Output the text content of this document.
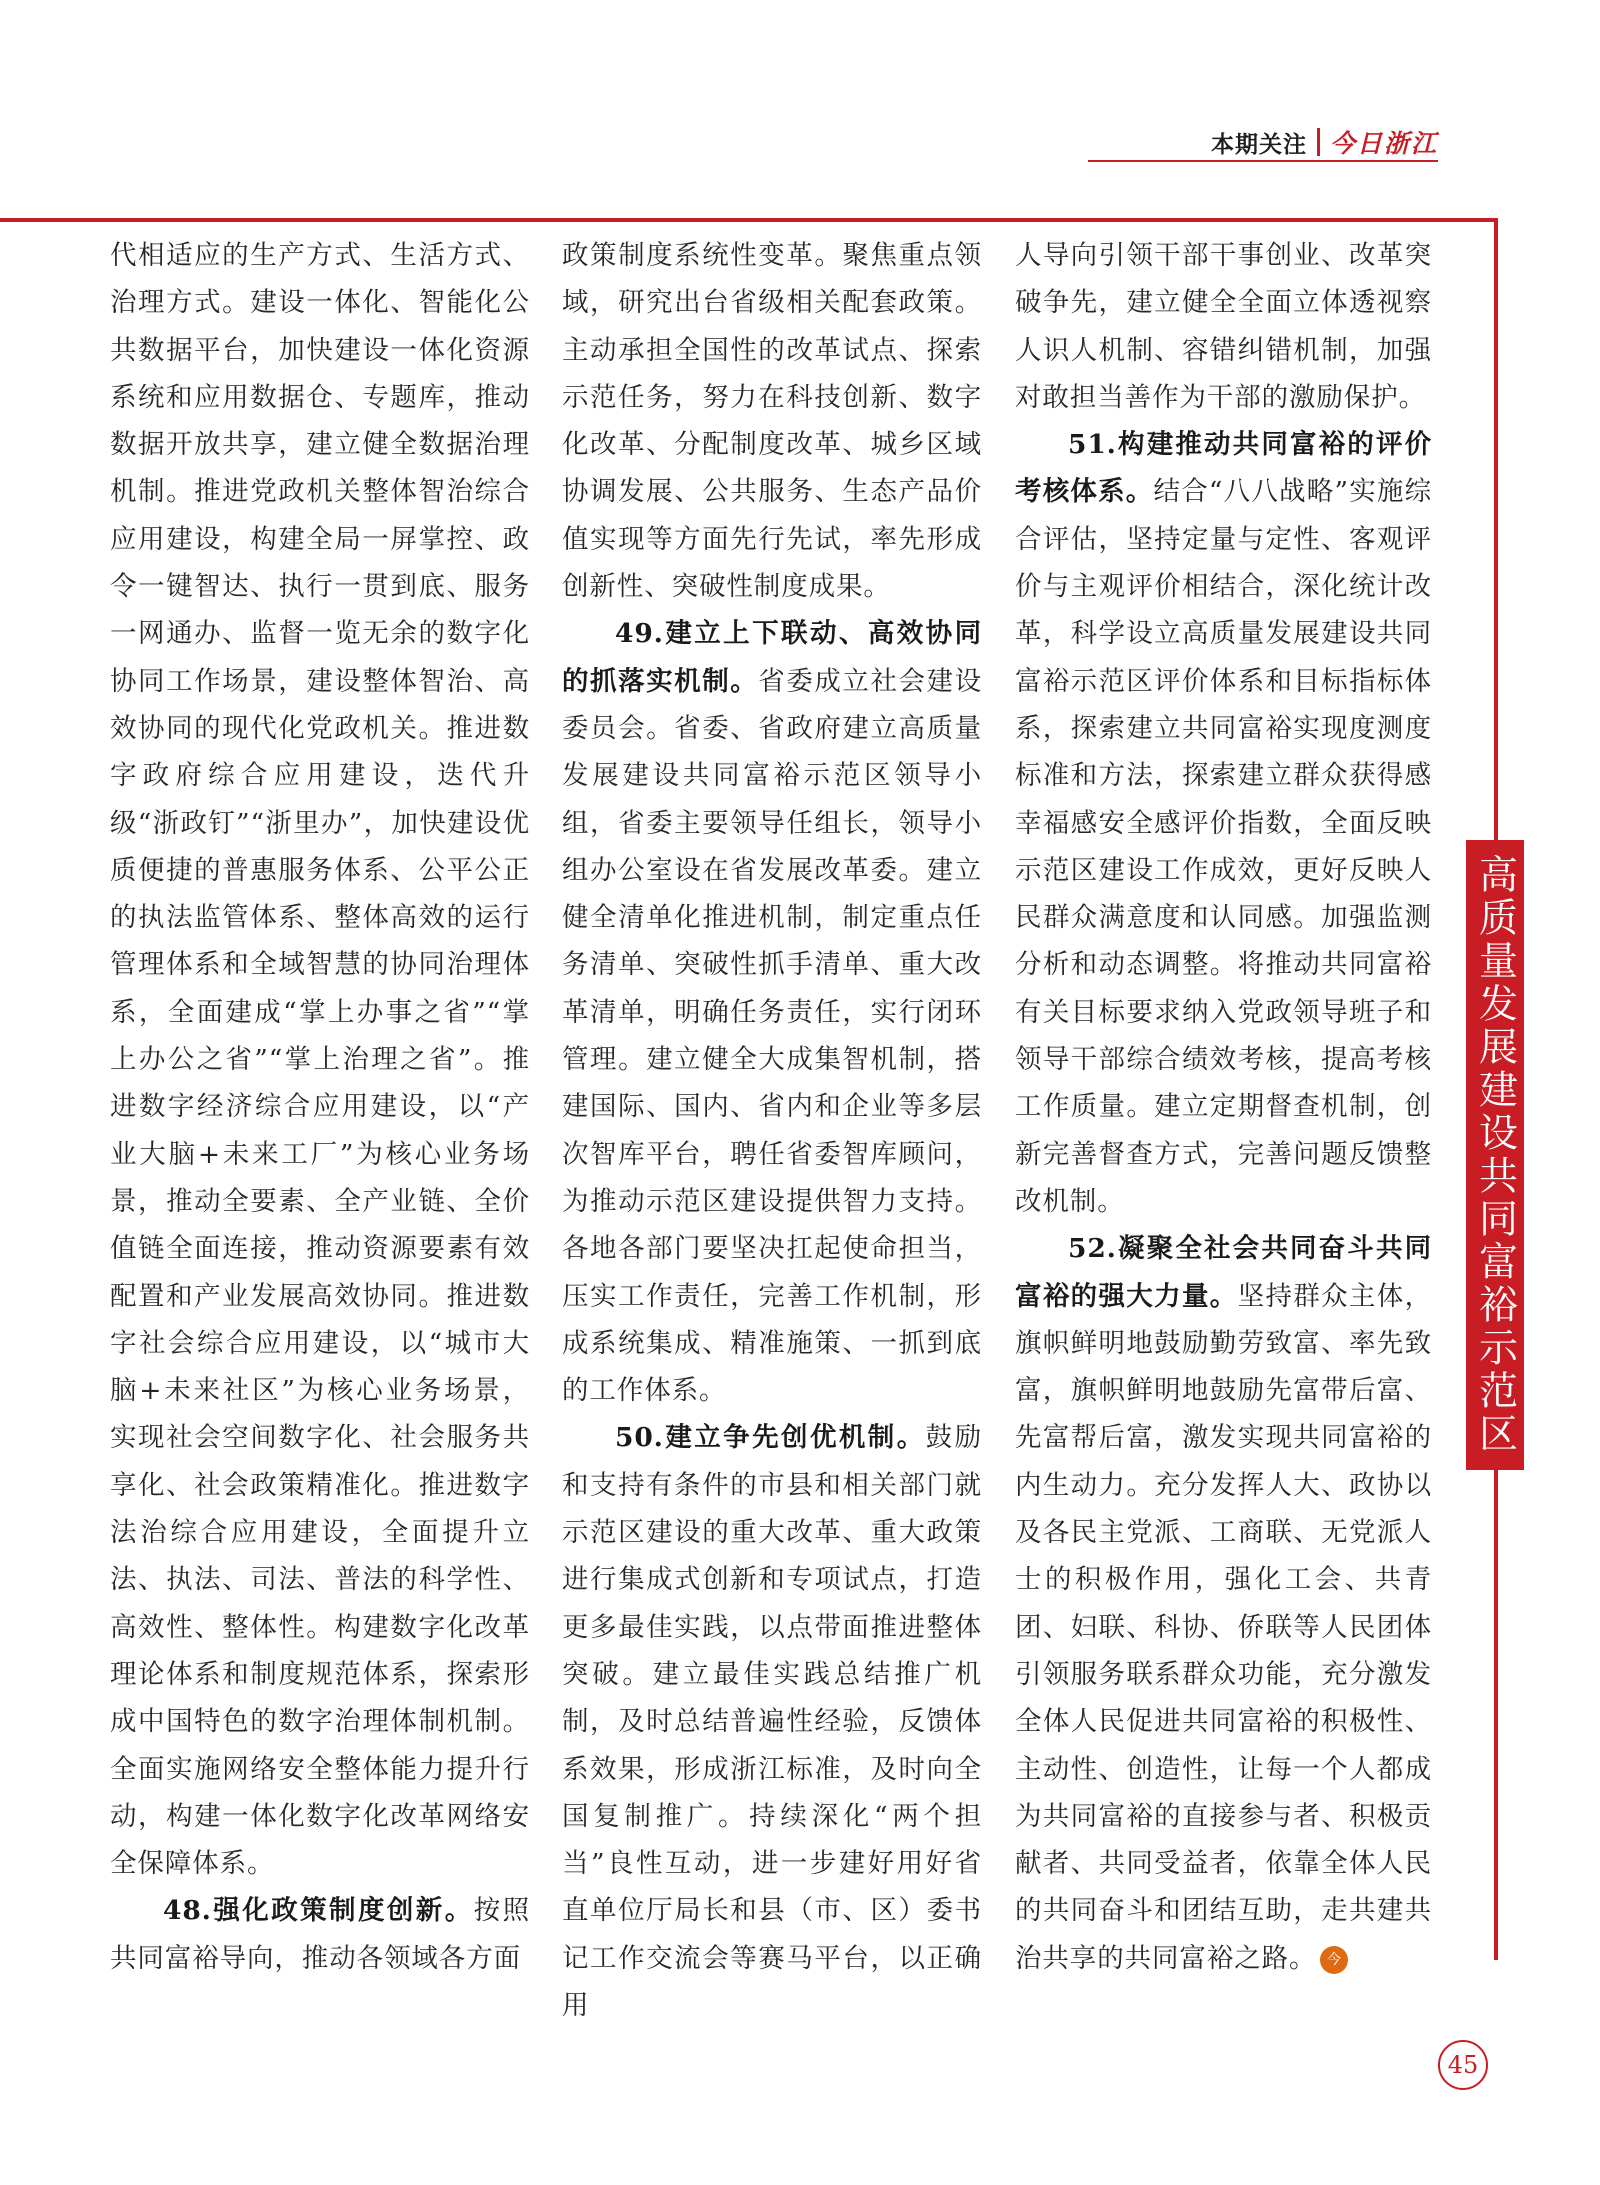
本期关注 今日浙江
高质量发展建设共同富裕示范区

代相适应的生产方式、生活方式、治理方式。建设一体化、智能化公共数据平台，加快建设一体化资源系统和应用数据仓、专题库，推动数据开放共享，建立健全数据治理机制。推进党政机关整体智治综合应用建设，构建全局一屏掌控、政令一键智达、执行一贯到底、服务一网通办、监督一览无余的数字化协同工作场景，建设整体智治、高效协同的现代化党政机关。推进数字政府综合应用建设，迭代升级“浙政钉”“浙里办”，加快建设优质便捷的普惠服务体系、公平公正的执法监管体系、整体高效的运行管理体系和全域智慧的协同治理体系，全面建成“掌上办事之省”“掌上办公之省”“掌上治理之省”。推进数字经济综合应用建设，以“产业大脑+未来工厂”为核心业务场景，推动全要素、全产业链、全价值链全面连接，推动资源要素有效配置和产业发展高效协同。推进数字社会综合应用建设，以“城市大脑+未来社区”为核心业务场景，实现社会空间数字化、社会服务共享化、社会政策精准化。推进数字法治综合应用建设，全面提升立法、执法、司法、普法的科学性、高效性、整体性。构建数字化改革理论体系和制度规范体系，探索形成中国特色的数字治理体制机制。全面实施网络安全整体能力提升行动，构建一体化数字化改革网络安全保障体系。

48.强化政策制度创新。按照共同富裕导向，推动各领域各方面

政策制度系统性变革。聚焦重点领域，研究出台省级相关配套政策。主动承担全国性的改革试点、探索示范任务，努力在科技创新、数字化改革、分配制度改革、城乡区域协调发展、公共服务、生态产品价值实现等方面先行先试，率先形成创新性、突破性制度成果。

49.建立上下联动、高效协同的抓落实机制。省委成立社会建设委员会。省委、省政府建立高质量发展建设共同富裕示范区领导小组，省委主要领导任组长，领导小组办公室设在省发展改革委。建立健全清单化推进机制，制定重点任务清单、突破性抓手清单、重大改革清单，明确任务责任，实行闭环管理。建立健全大成集智机制，搭建国际、国内、省内和企业等多层次智库平台，聘任省委智库顾问，为推动示范区建设提供智力支持。各地各部门要坚决扛起使命担当，压实工作责任，完善工作机制，形成系统集成、精准施策、一抓到底的工作体系。

50.建立争先创优机制。鼓励和支持有条件的市县和相关部门就示范区建设的重大改革、重大政策进行集成式创新和专项试点，打造更多最佳实践，以点带面推进整体突破。建立最佳实践总结推广机制，及时总结普遍性经验，反馈体系效果，形成浙江标准，及时向全国复制推广。持续深化“两个担当”良性互动，进一步建好用好省直单位厅局长和县（市、区）委书记工作交流会等赛马平台，以正确用

人导向引领干部干事创业、改革突破争先，建立健全全面立体透视察人识人机制、容错纠错机制，加强对敢担当善作为干部的激励保护。

51.构建推动共同富裕的评价考核体系。结合“八八战略”实施综合评估，坚持定量与定性、客观评价与主观评价相结合，深化统计改革，科学设立高质量发展建设共同富裕示范区评价体系和目标指标体系，探索建立共同富裕实现度测度标准和方法，探索建立群众获得感幸福感安全感评价指数，全面反映示范区建设工作成效，更好反映人民群众满意度和认同感。加强监测分析和动态调整。将推动共同富裕有关目标要求纳入党政领导班子和领导干部综合绩效考核，提高考核工作质量。建立定期督查机制，创新完善督查方式，完善问题反馈整改机制。

52.凝聚全社会共同奋斗共同富裕的强大力量。坚持群众主体，旗帜鲜明地鼓励勤劳致富、率先致富，旗帜鲜明地鼓励先富带后富、先富帮后富，激发实现共同富裕的内生动力。充分发挥人大、政协以及各民主党派、工商联、无党派人士的积极作用，强化工会、共青团、妇联、科协、侨联等人民团体引领服务联系群众功能，充分激发全体人民促进共同富裕的积极性、主动性、创造性，让每一个人都成为共同富裕的直接参与者、积极贡献者、共同受益者，依靠全体人民的共同奋斗和团结互助，走共建共治共享的共同富裕之路。 今

45
